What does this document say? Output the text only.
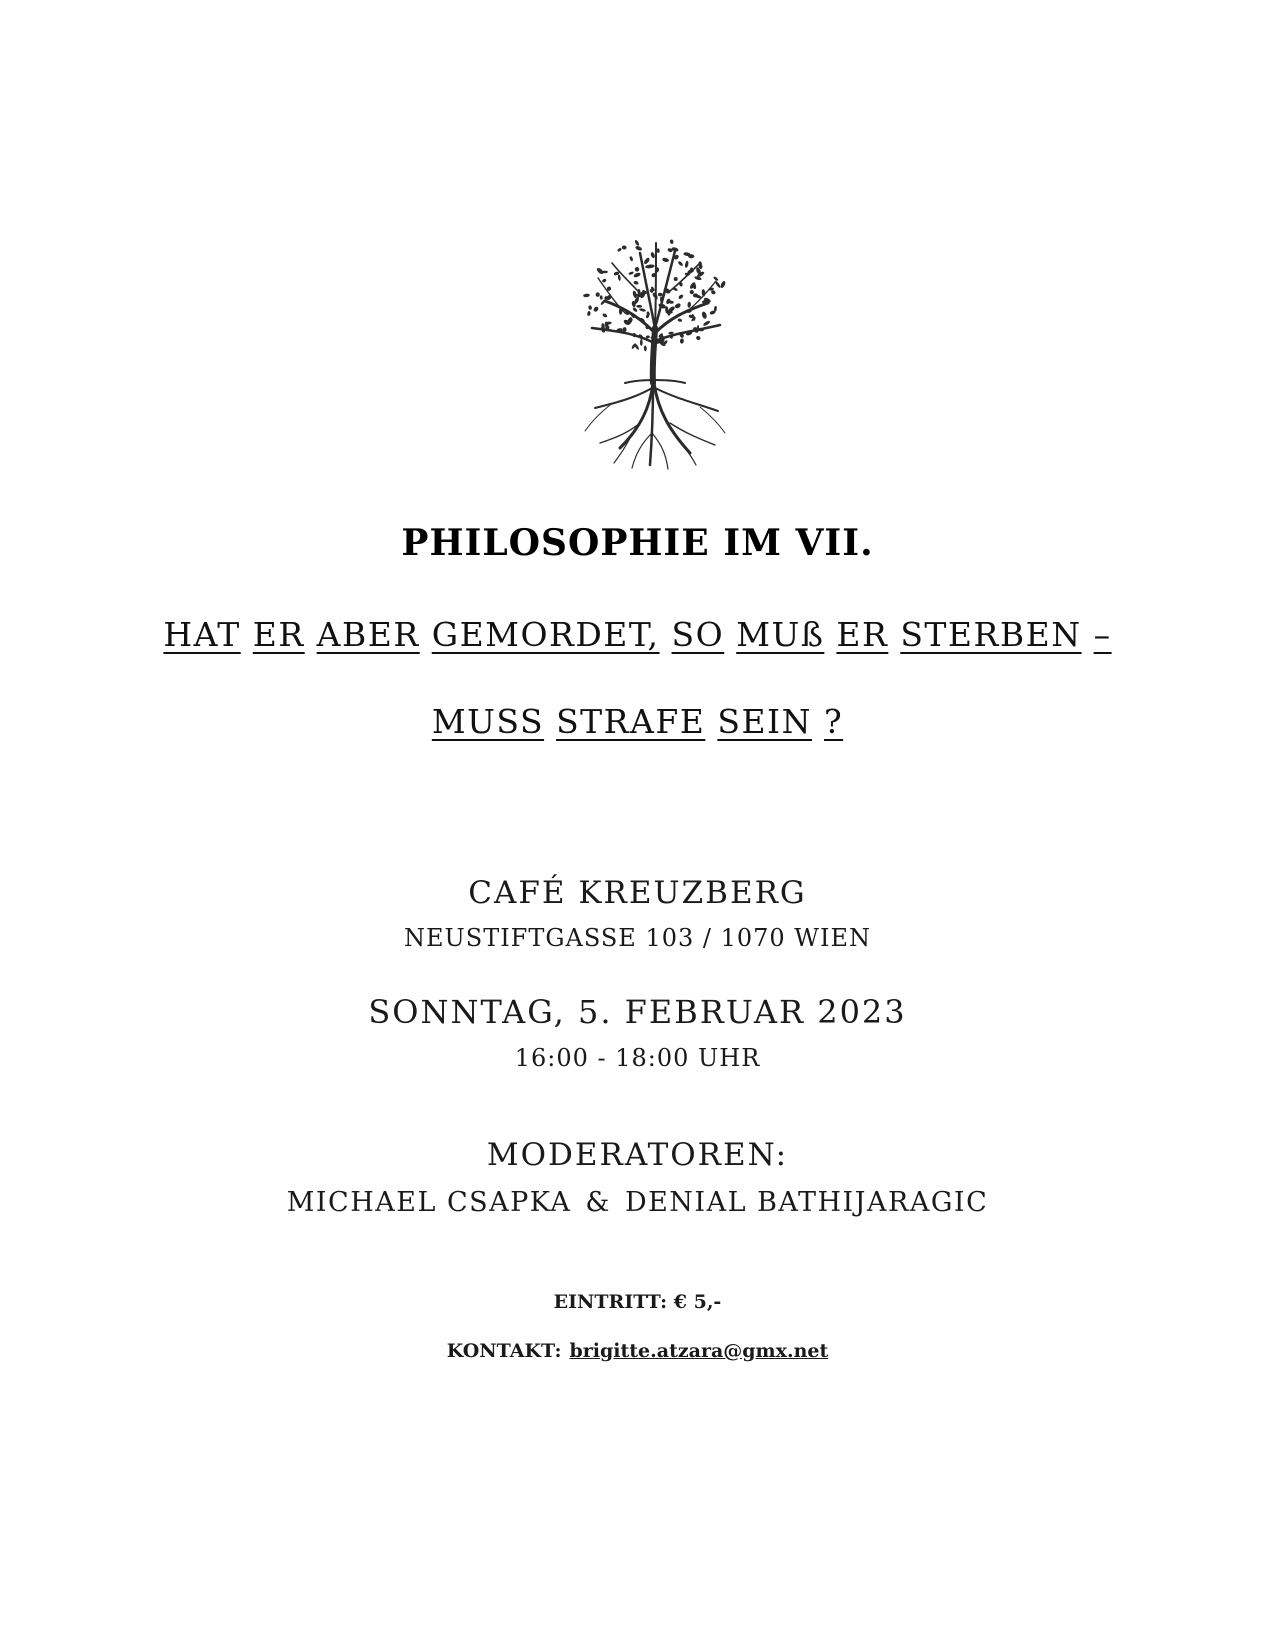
PHILOSOPHIE IM VII.
HAT ER ABER GEMORDET, SO MUß ER STERBEN –
MUSS STRAFE SEIN ?
CAFÉ KREUZBERG
NEUSTIFTGASSE 103 / 1070 WIEN
SONNTAG, 5. FEBRUAR 2023
16:00 - 18:00 UHR
MODERATOREN:
MICHAEL CSAPKA & DENIAL BATHIJARAGIC
EINTRITT: € 5,-
KONTAKT: brigitte.atzara@gmx.net
